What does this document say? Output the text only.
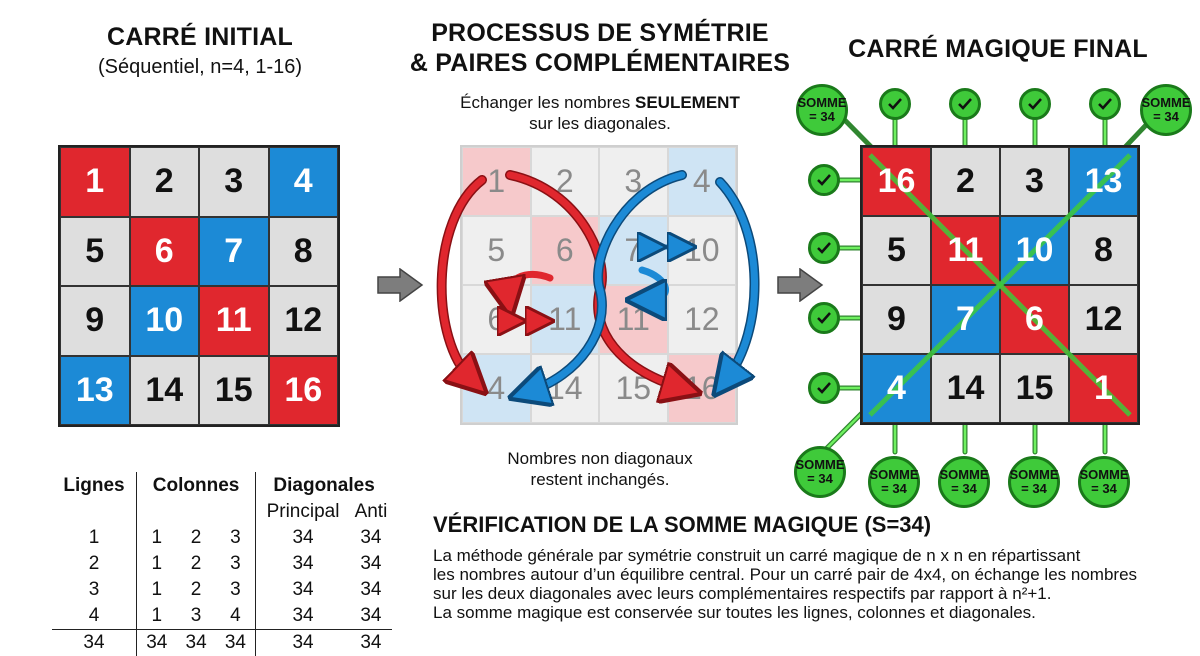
CARRÉ INITIAL
(Séquentiel, n=4, 1-16)
1	2	3	4
5	6	7	8
9	10 11 12
13 14 15 16
PROCESSUS DE SYMÉTRIE
& PAIRES COMPLÉMENTAIRES
Échanger les nombres SEULEMENT
sur les diagonales.
1	2	3	4
5	6	7	10
6	11	11	12
4	14	15	16
Nombres non diagonaux
restent inchangés.
CARRÉ MAGIQUE FINAL
16	2	3	13
5	11 10	8
9	7	6	12
4	14 15	1
SOMME
= 34
SOMME
= 34
SOMME
= 34	SOMME
= 34
SOMME
= 34
SOMME
= 34
SOMME
= 34
Lignes	Colonnes			Diagonales	
				Principal	Anti
1	1	2	3	34	34
2	1	2	3	34	34
3	1	2	3	34	34
4	1	3	4	34	34
34	34	34	34	34	34
VÉRIFICATION DE LA SOMME MAGIQUE (S=34)
La méthode générale par symétrie construit un carré magique de n x n en répartissant
les nombres autour d’un équilibre central. Pour un carré pair de 4x4, on échange les nombres
sur les deux diagonales avec leurs complémentaires respectifs par rapport à n²+1.
La somme magique est conservée sur toutes les lignes, colonnes et diagonales.
